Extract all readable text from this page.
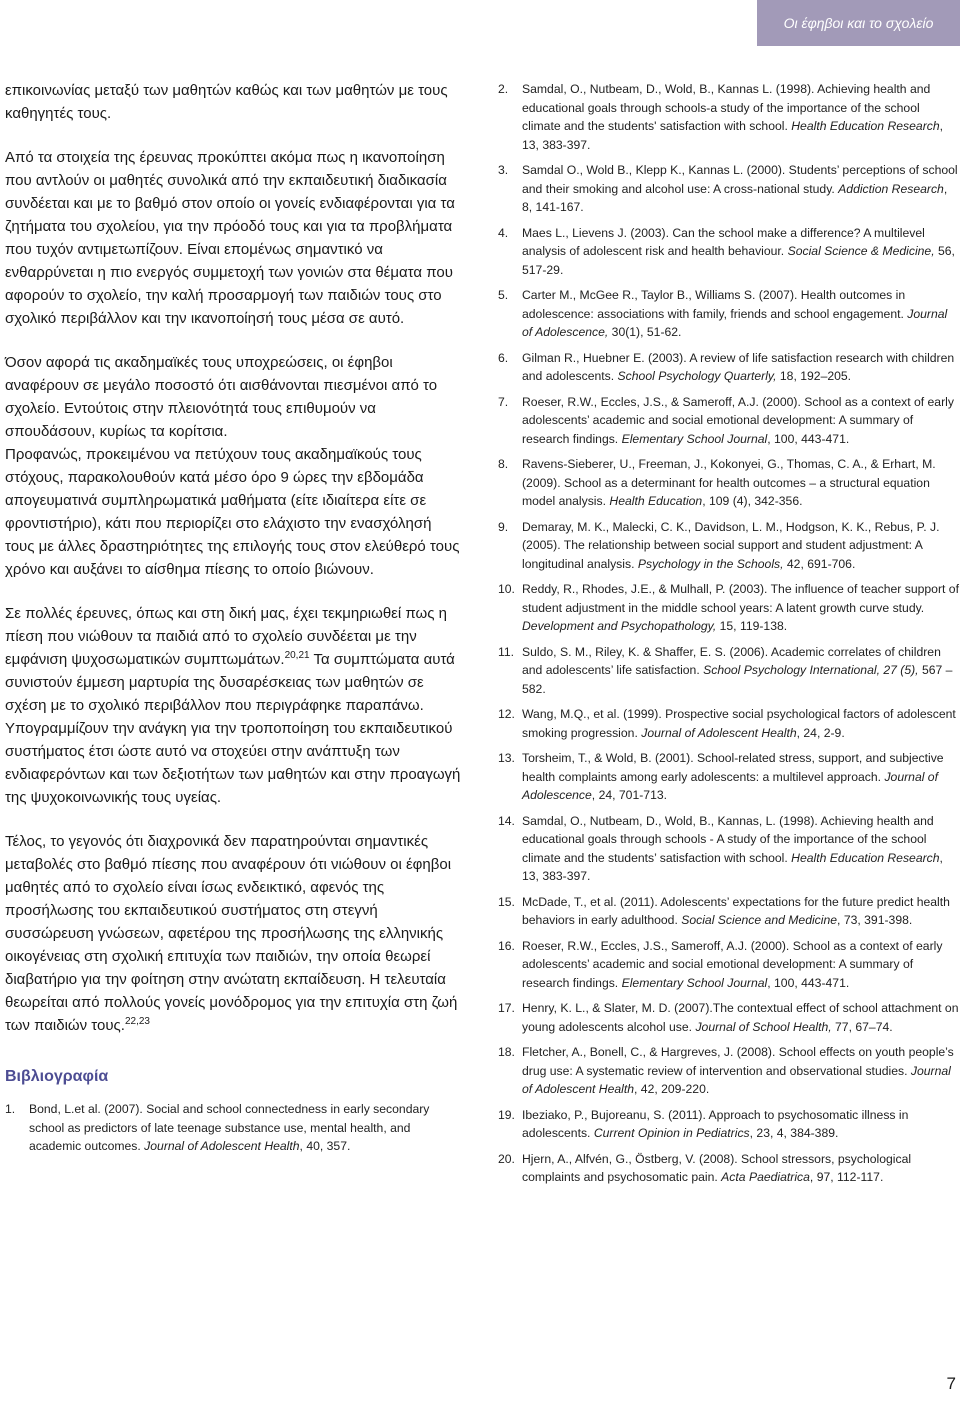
Οι έφηβοι και το σχολείο

επικοινωνίας μεταξύ των μαθητών καθώς και των μαθητών με τους καθηγητές τους.

Από τα στοιχεία της έρευνας προκύπτει ακόμα πως η ικανοποίηση που αντλούν οι μαθητές συνολικά από την εκπαιδευτική διαδικασία συνδέεται και με το βαθμό στον οποίο οι γονείς ενδιαφέρονται για τα ζητήματα του σχολείου, για την πρόοδό τους και για τα προβλήματα που τυχόν αντιμετωπίζουν. Είναι επομένως σημαντικό να ενθαρρύνεται η πιο ενεργός συμμετοχή των γονιών στα θέματα που αφορούν το σχολείο, την καλή προσαρμογή των παιδιών τους στο σχολικό περιβάλλον και την ικανοποίησή τους μέσα σε αυτό.

Όσον αφορά τις ακαδημαϊκές τους υποχρεώσεις, οι έφηβοι αναφέρουν σε μεγάλο ποσοστό ότι αισθάνονται πιεσμένοι από το σχολείο. Εντούτοις στην πλειονότητά τους επιθυμούν να σπουδάσουν, κυρίως τα κορίτσια.

Προφανώς, προκειμένου να πετύχουν τους ακαδημαϊκούς τους στόχους, παρακολουθούν κατά μέσο όρο 9 ώρες την εβδομάδα απογευματινά συμπληρωματικά μαθήματα (είτε ιδιαίτερα είτε σε φροντιστήριο), κάτι που περιορίζει στο ελάχιστο την ενασχόλησή τους με άλλες δραστηριότητες της επιλογής τους στον ελεύθερό τους χρόνο και αυξάνει το αίσθημα πίεσης το οποίο βιώνουν.

Σε πολλές έρευνες, όπως και στη δική μας, έχει τεκμηριωθεί πως η πίεση που νιώθουν τα παιδιά από το σχολείο συνδέεται με την εμφάνιση ψυχοσωματικών συμπτωμάτων.$^{20,21}$ Τα συμπτώματα αυτά συνιστούν έμμεση μαρτυρία της δυσαρέσκειας των μαθητών σε σχέση με το σχολικό περιβάλλον που περιγράφηκε παραπάνω. Υπογραμμίζουν την ανάγκη για την τροποποίηση του εκπαιδευτικού συστήματος έτσι ώστε αυτό να στοχεύει στην ανάπτυξη των ενδιαφερόντων και των δεξιοτήτων των μαθητών και στην προαγωγή της ψυχοκοινωνικής τους υγείας.

Τέλος, το γεγονός ότι διαχρονικά δεν παρατηρούνται σημαντικές μεταβολές στο βαθμό πίεσης που αναφέρουν ότι νιώθουν οι έφηβοι μαθητές από το σχολείο είναι ίσως ενδεικτικό, αφενός της προσήλωσης του εκπαιδευτικού συστήματος στη στεγνή συσσώρευση γνώσεων, αφετέρου της προσήλωσης της ελληνικής οικογένειας στη σχολική επιτυχία των παιδιών, την οποία θεωρεί διαβατήριο για την φοίτηση στην ανώτατη εκπαίδευση. Η τελευταία θεωρείται από πολλούς γονείς μονόδρομος για την επιτυχία στη ζωή των παιδιών τους.$^{22,23}$

Βιβλιογραφία
1.	Bond, L.et al. (2007). Social and school connectedness in early secondary school as predictors of late teenage substance use, mental health, and academic outcomes. Journal of Adolescent Health, 40, 357.
2.	Samdal, O., Nutbeam, D., Wold, B., Kannas L. (1998). Achieving health and educational goals through schools-a study of the importance of the school climate and the students' satisfaction with school. Health Education Research, 13, 383-397.
3.	Samdal O., Wold B., Klepp K., Kannas L. (2000). Students’ perceptions of school and their smoking and alcohol use: A cross-national study. Addiction Research, 8, 141-167.
4.	Maes L., Lievens J. (2003). Can the school make a difference? A multilevel analysis of adolescent risk and health behaviour. Social Science & Medicine, 56, 517-29.
5.	Carter M., McGee R., Taylor B., Williams S. (2007). Health outcomes in adolescence: associations with family, friends and school engagement. Journal of Adolescence, 30(1), 51-62.
6.	Gilman R., Huebner E. (2003). A review of life satisfaction research with children and adolescents. School Psychology Quarterly, 18, 192–205.
7.	Roeser, R.W., Eccles, J.S., & Sameroff, A.J. (2000). School as a context of early adolescents’ academic and social emotional development: A summary of research findings. Elementary School Journal, 100, 443-471.
8.	Ravens-Sieberer, U., Freeman, J., Kokonyei, G., Thomas, C. A., & Erhart, M. (2009). School as a determinant for health outcomes – a structural equation model analysis. Health Education, 109 (4), 342-356.
9.	Demaray, M. K., Malecki, C. K., Davidson, L. M., Hodgson, K. K., Rebus, P. J. (2005). The relationship between social support and student adjustment: A longitudinal analysis. Psychology in the Schools, 42, 691-706.
10. Reddy, R., Rhodes, J.E., & Mulhall, P. (2003). The influence of teacher support of student adjustment in the middle school years: A latent growth curve study. Development and Psychopathology, 15, 119-138.
11. Suldo, S. M., Riley, K. & Shaffer, E. S. (2006). Academic correlates of children and adolescents’ life satisfaction. School Psychology International, 27 (5), 567 – 582.
12. Wang, M.Q., et al. (1999). Prospective social psychological factors of adolescent smoking progression. Journal of Adolescent Health, 24, 2-9.
13. Torsheim, T., & Wold, B. (2001). School-related stress, support, and subjective health complaints among early adolescents: a multilevel approach. Journal of Adolescence, 24, 701-713.
14. Samdal, O., Nutbeam, D., Wold, B., Kannas, L. (1998). Achieving health and educational goals through schools - A study of the importance of the school climate and the students’ satisfaction with school. Health Education Research, 13, 383-397.
15. McDade, T., et al. (2011). Adolescents’ expectations for the future predict health behaviors in early adulthood. Social Science and Medicine, 73, 391-398.
16. Roeser, R.W., Eccles, J.S., Sameroff, A.J. (2000). School as a context of early adolescents’ academic and social emotional development: A summary of research findings. Elementary School Journal, 100, 443-471.
17. Henry, K. L., & Slater, M. D. (2007).The contextual effect of school attachment on young adolescents alcohol use. Journal of School Health, 77, 67–74.
18. Fletcher, A., Bonell, C., & Hargreves, J. (2008). School effects on youth people’s drug use: A systematic review of intervention and observational studies. Journal of Adolescent Health, 42, 209-220.
19. Ibeziako, P., Bujoreanu, S. (2011). Approach to psychosomatic illness in adolescents. Current Opinion in Pediatrics, 23, 4, 384-389.
20. Hjern, A., Alfvén, G., Östberg, V. (2008). School stressors, psychological complaints and psychosomatic pain. Acta Paediatrica, 97, 112-117.
7
